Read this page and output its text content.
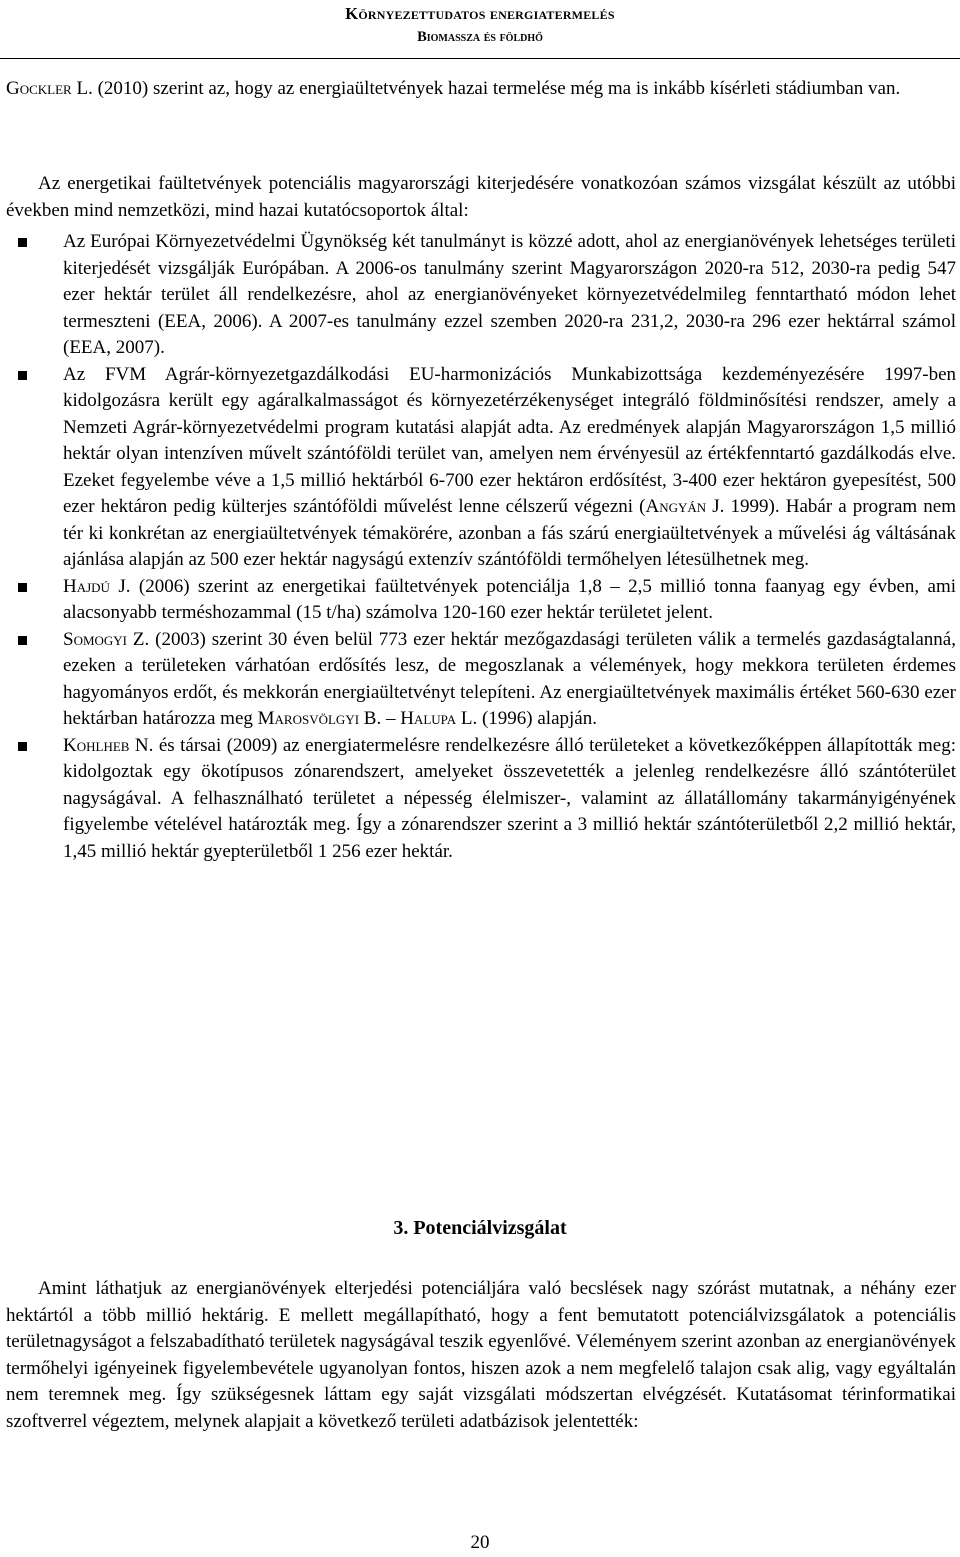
Környezettudatos energiatermelés
Biomassza és földhő

Gockler L. (2010) szerint az, hogy az energiaültetvények hazai termelése még ma is inkább kísérleti stádiumban van.

Az energetikai faültetvények potenciális magyarországi kiterjedésére vonatkozóan számos vizsgálat készült az utóbbi években mind nemzetközi, mind hazai kutatócsoportok által:

Az Európai Környezetvédelmi Ügynökség két tanulmányt is közzé adott, ahol az energianövények lehetséges területi kiterjedését vizsgálják Európában. A 2006-os tanulmány szerint Magyarországon 2020-ra 512, 2030-ra pedig 547 ezer hektár terület áll rendelkezésre, ahol az energianövényeket környezetvédelmileg fenntartható módon lehet termeszteni (EEA, 2006). A 2007-es tanulmány ezzel szemben 2020-ra 231,2, 2030-ra 296 ezer hektárral számol (EEA, 2007).
Az FVM Agrár-környezetgazdálkodási EU-harmonizációs Munkabizottsága kezdeményezésére 1997-ben kidolgozásra került egy agáralkalmasságot és környezetérzékenységet integráló földminősítési rendszer, amely a Nemzeti Agrár-környezetvédelmi program kutatási alapját adta. Az eredmények alapján Magyarországon 1,5 millió hektár olyan intenzíven művelt szántóföldi terület van, amelyen nem érvényesül az értékfenntartó gazdálkodás elve. Ezeket fegyelembe véve a 1,5 millió hektárból 6-700 ezer hektáron erdősítést, 3-400 ezer hektáron gyepesítést, 500 ezer hektáron pedig külterjes szántóföldi művelést lenne célszerű végezni (Angyán J. 1999). Habár a program nem tér ki konkrétan az energiaültetvények témakörére, azonban a fás szárú energiaültetvények a művelési ág váltásának ajánlása alapján az 500 ezer hektár nagyságú extenzív szántóföldi termőhelyen létesülhetnek meg.
Hajdú J. (2006) szerint az energetikai faültetvények potenciálja 1,8 – 2,5 millió tonna faanyag egy évben, ami alacsonyabb terméshozammal (15 t/ha) számolva 120-160 ezer hektár területet jelent.
Somogyi Z. (2003) szerint 30 éven belül 773 ezer hektár mezőgazdasági területen válik a termelés gazdaságtalanná, ezeken a területeken várhatóan erdősítés lesz, de megoszlanak a vélemények, hogy mekkora területen érdemes hagyományos erdőt, és mekkorán energiaültetvényt telepíteni. Az energiaültetvények maximális értéket 560-630 ezer hektárban határozza meg Marosvölgyi B. – Halupa L. (1996) alapján.
Kohlheb N. és társai (2009) az energiatermelésre rendelkezésre álló területeket a következőképpen állapították meg: kidolgoztak egy ökotípusos zónarendszert, amelyeket összevetették a jelenleg rendelkezésre álló szántóterület nagyságával. A felhasználható területet a népesség élelmiszer-, valamint az állatállomány takarmányigényének figyelembe vételével határozták meg. Így a zónarendszer szerint a 3 millió hektár szántóterületből 2,2 millió hektár, 1,45 millió hektár gyepterületből 1 256 ezer hektár.
3. Potenciálvizsgálat

Amint láthatjuk az energianövények elterjedési potenciáljára való becslések nagy szórást mutatnak, a néhány ezer hektártól a több millió hektárig. E mellett megállapítható, hogy a fent bemutatott potenciálvizsgálatok a potenciális területnagyságot a felszabadítható területek nagyságával teszik egyenlővé. Véleményem szerint azonban az energianövények termőhelyi igényeinek figyelembevétele ugyanolyan fontos, hiszen azok a nem megfelelő talajon csak alig, vagy egyáltalán nem teremnek meg. Így szükségesnek láttam egy saját vizsgálati módszertan elvégzését. Kutatásomat térinformatikai szoftverrel végeztem, melynek alapjait a következő területi adatbázisok jelentették:

20
